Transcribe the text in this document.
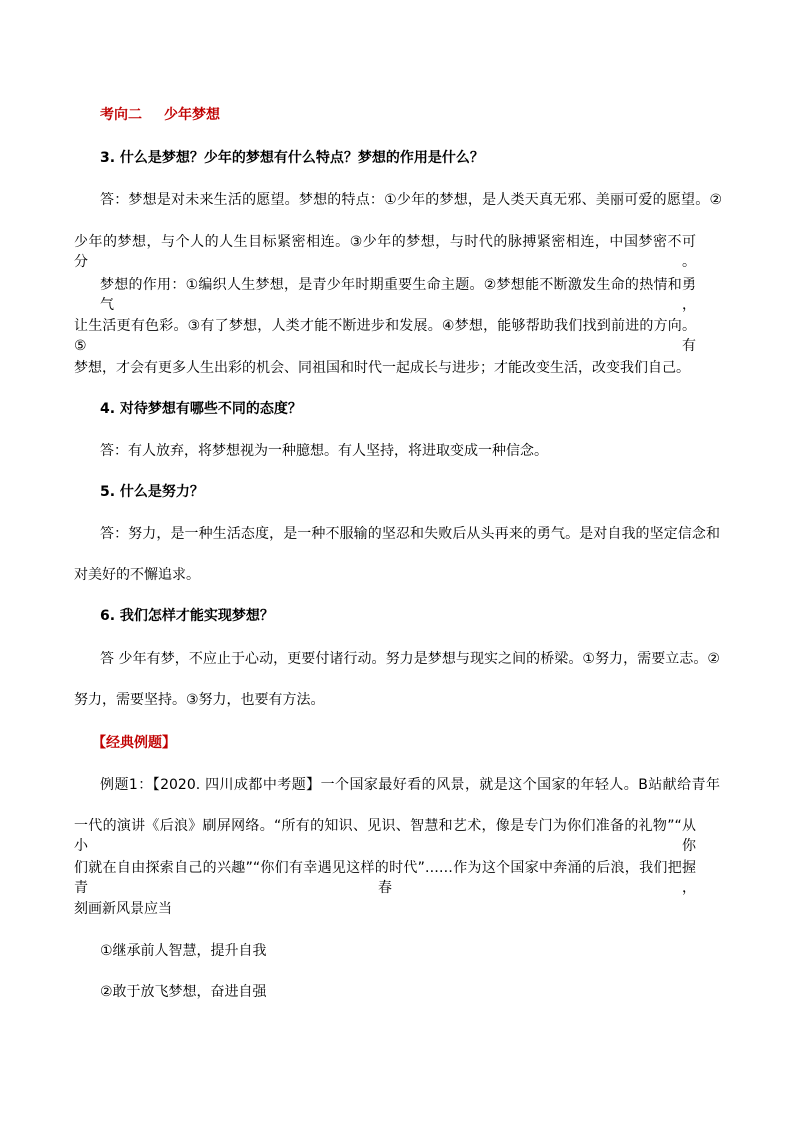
考向二 少年梦想
3. 什么是梦想？少年的梦想有什么特点？梦想的作用是什么？
答：梦想是对未来生活的愿望。梦想的特点：①少年的梦想，是人类天真无邪、美丽可爱的愿望。②
少年的梦想，与个人的人生目标紧密相连。③少年的梦想，与时代的脉搏紧密相连，中国梦密不可分。
梦想的作用：①编织人生梦想，是青少年时期重要生命主题。②梦想能不断激发生命的热情和勇气，
让生活更有色彩。③有了梦想，人类才能不断进步和发展。④梦想，能够帮助我们找到前进的方向。⑤有
梦想，才会有更多人生出彩的机会、同祖国和时代一起成长与进步；才能改变生活，改变我们自己。
4. 对待梦想有哪些不同的态度？
答：有人放弃，将梦想视为一种臆想。有人坚持，将进取变成一种信念。
5. 什么是努力？
答：努力，是一种生活态度，是一种不服输的坚忍和失败后从头再来的勇气。是对自我的坚定信念和
对美好的不懈追求。
6. 我们怎样才能实现梦想？
答 少年有梦，不应止于心动，更要付诸行动。努力是梦想与现实之间的桥梁。①努力，需要立志。②
努力，需要坚持。③努力，也要有方法。
【经典例题】
例题1：【2020. 四川成都中考题】一个国家最好看的风景，就是这个国家的年轻人。B站献给青年
一代的演讲《后浪》刷屏网络。“所有的知识、见识、智慧和艺术，像是专门为你们准备的礼物”“从小你
们就在自由探索自己的兴趣”“你们有幸遇见这样的时代”……作为这个国家中奔涌的后浪，我们把握青春，
刻画新风景应当
①继承前人智慧，提升自我
②敢于放飞梦想，奋进自强
